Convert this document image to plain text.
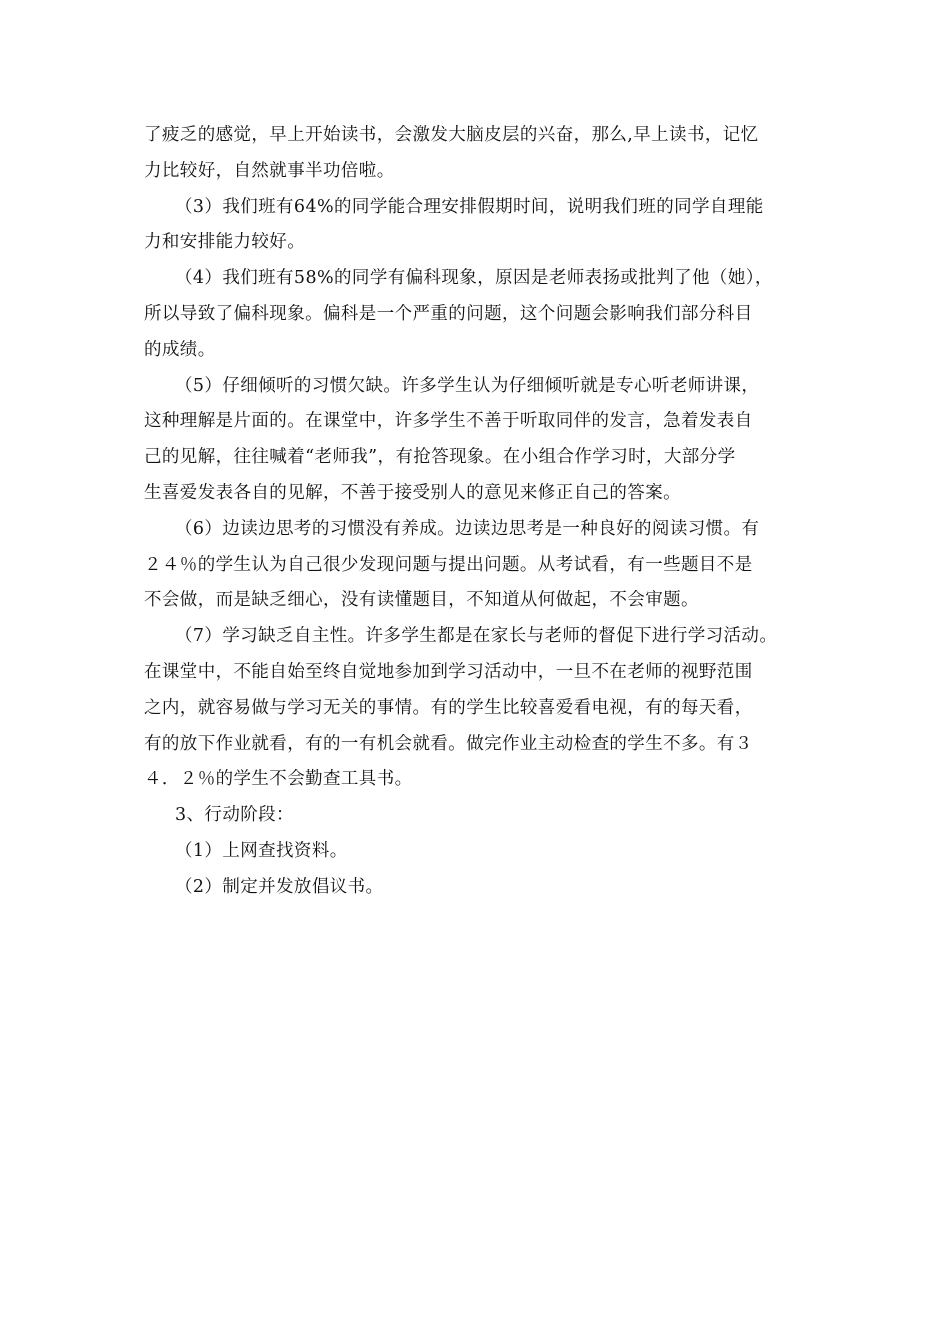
了疲乏的感觉，早上开始读书，会激发大脑皮层的兴奋，那么,早上读书，记忆
力比较好，自然就事半功倍啦。
（3）我们班有64%的同学能合理安排假期时间，说明我们班的同学自理能
力和安排能力较好。
（4）我们班有58%的同学有偏科现象，原因是老师表扬或批判了他（她），
所以导致了偏科现象。偏科是一个严重的问题，这个问题会影响我们部分科目
的成绩。
（5）仔细倾听的习惯欠缺。许多学生认为仔细倾听就是专心听老师讲课，
这种理解是片面的。在课堂中，许多学生不善于听取同伴的发言，急着发表自
己的见解，往往喊着“老师我”，有抢答现象。在小组合作学习时，大部分学
生喜爱发表各自的见解，不善于接受别人的意见来修正自己的答案。
（6）边读边思考的习惯没有养成。边读边思考是一种良好的阅读习惯。有
２４％的学生认为自己很少发现问题与提出问题。从考试看，有一些题目不是
不会做，而是缺乏细心，没有读懂题目，不知道从何做起，不会审题。
（7）学习缺乏自主性。许多学生都是在家长与老师的督促下进行学习活动。
在课堂中，不能自始至终自觉地参加到学习活动中，一旦不在老师的视野范围
之内，就容易做与学习无关的事情。有的学生比较喜爱看电视，有的每天看，
有的放下作业就看，有的一有机会就看。做完作业主动检查的学生不多。有３
４．２％的学生不会勤查工具书。
3、行动阶段：
（1）上网查找资料。
（2）制定并发放倡议书。
